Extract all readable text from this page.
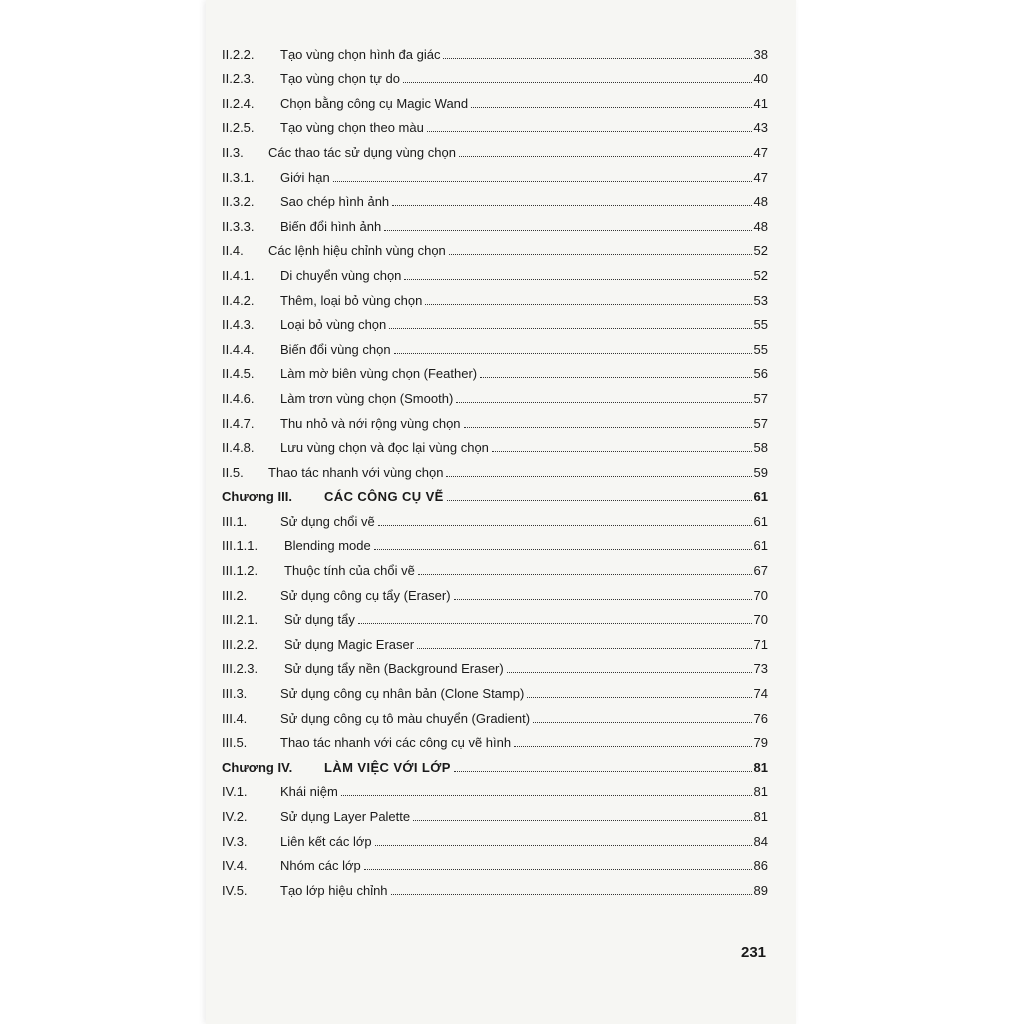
II.2.2.	Tạo vùng chọn hình đa giác	38
II.2.3.	Tạo vùng chọn tự do	40
II.2.4.	Chọn bằng công cụ Magic Wand	41
II.2.5.	Tạo vùng chọn theo màu	43
II.3.	Các thao tác sử dụng vùng chọn	47
II.3.1.	Giới hạn	47
II.3.2.	Sao chép hình ảnh	48
II.3.3.	Biến đổi hình ảnh	48
II.4.	Các lệnh hiệu chỉnh vùng chọn	52
II.4.1.	Di chuyển vùng chọn	52
II.4.2.	Thêm, loại bỏ vùng chọn	53
II.4.3.	Loại bỏ vùng chọn	55
II.4.4.	Biến đổi vùng chọn	55
II.4.5.	Làm mờ biên vùng chọn (Feather)	56
II.4.6.	Làm trơn vùng chọn (Smooth)	57
II.4.7.	Thu nhỏ và nới rộng vùng chọn	57
II.4.8.	Lưu vùng chọn và đọc lại vùng chọn	58
II.5.	Thao tác nhanh với vùng chọn	59
Chương III.	CÁC CÔNG CỤ VẼ	61
III.1.	Sử dụng chổi vẽ	61
III.1.1.	Blending mode	61
III.1.2.	Thuộc tính của chổi vẽ	67
III.2.	Sử dụng công cụ tẩy (Eraser)	70
III.2.1.	Sử dụng tẩy	70
III.2.2.	Sử dụng Magic Eraser	71
III.2.3.	Sử dụng tẩy nền (Background Eraser)	73
III.3.	Sử dụng công cụ nhân bản (Clone Stamp)	74
III.4.	Sử dụng công cụ tô màu chuyển (Gradient)	76
III.5.	Thao tác nhanh với các công cụ vẽ hình	79
Chương IV.	LÀM VIỆC VỚI LỚP	81
IV.1.	Khái niệm	81
IV.2.	Sử dụng Layer Palette	81
IV.3.	Liên kết các lớp	84
IV.4.	Nhóm các lớp	86
IV.5.	Tạo lớp hiệu chỉnh	89
231
